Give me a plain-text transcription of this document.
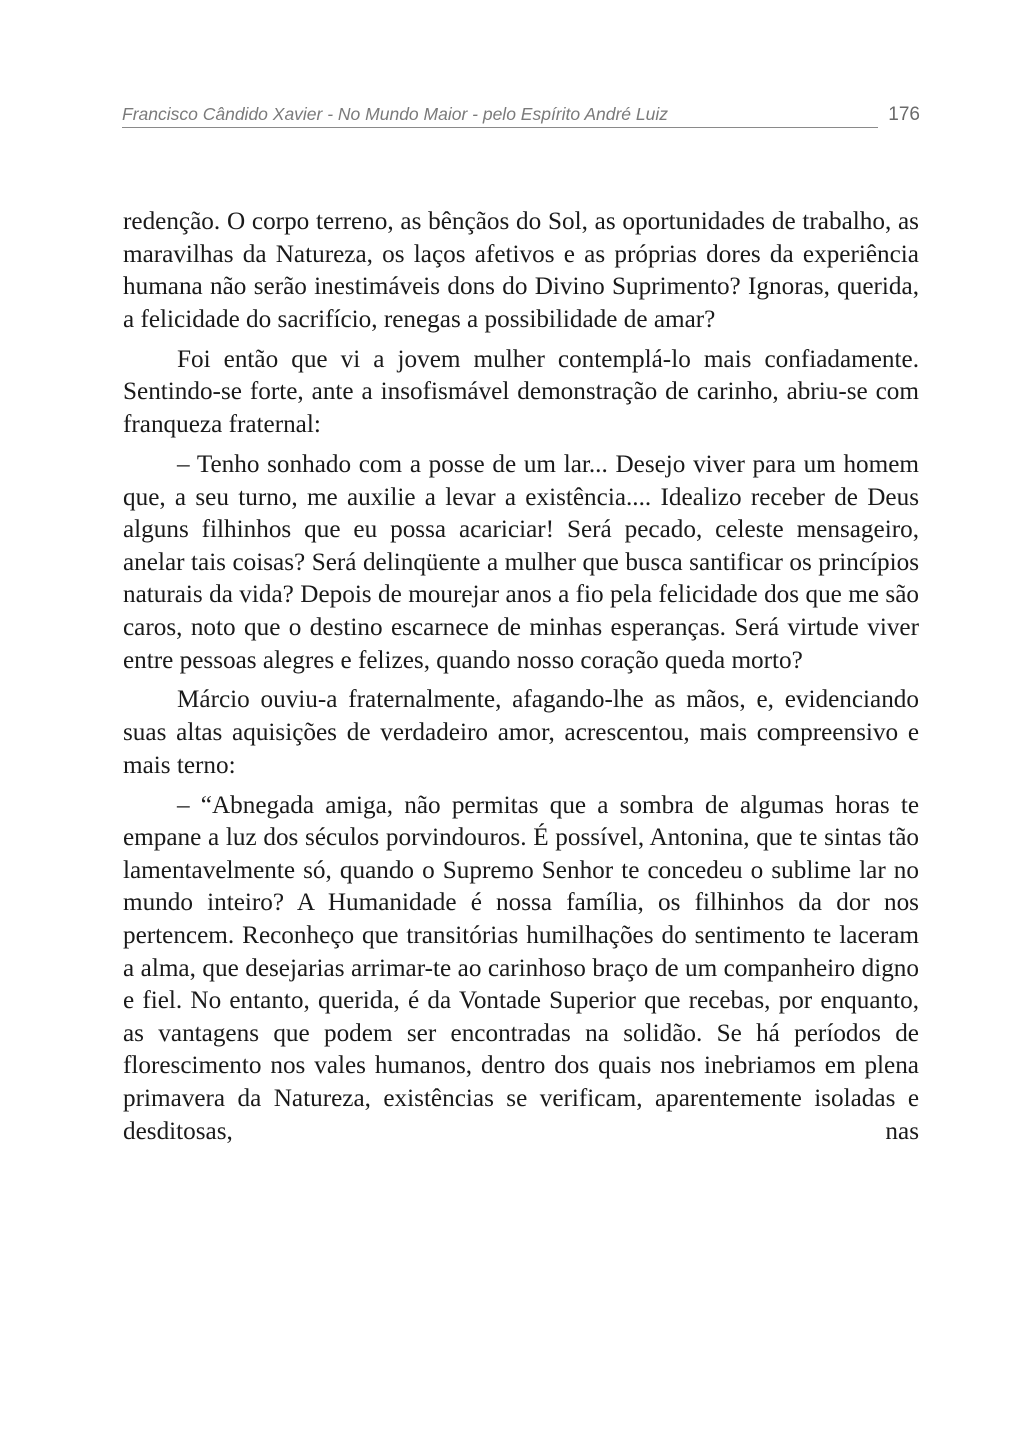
Francisco Cândido Xavier - No Mundo Maior - pelo Espírito André Luiz	176

redenção. O corpo terreno, as bênçãos do Sol, as oportunidades de trabalho, as maravilhas da Natureza, os laços afetivos e as próprias dores da experiência humana não serão inestimáveis dons do Divino Suprimento? Ignoras, querida, a felicidade do sacrifício, renegas a possibilidade de amar?

Foi então que vi a jovem mulher contemplá-lo mais confiadamente. Sentindo-se forte, ante a insofismável demonstração de carinho, abriu-se com franqueza fraternal:

– Tenho sonhado com a posse de um lar... Desejo viver para um homem que, a seu turno, me auxilie a levar a existência.... Idealizo receber de Deus alguns filhinhos que eu possa acariciar! Será pecado, celeste mensageiro, anelar tais coisas? Será delinqüente a mulher que busca santificar os princípios naturais da vida? Depois de mourejar anos a fio pela felicidade dos que me são caros, noto que o destino escarnece de minhas esperanças. Será virtude viver entre pessoas alegres e felizes, quando nosso coração queda morto?

Márcio ouviu-a fraternalmente, afagando-lhe as mãos, e, evidenciando suas altas aquisições de verdadeiro amor, acrescentou, mais compreensivo e mais terno:

– “Abnegada amiga, não permitas que a sombra de algumas horas te empane a luz dos séculos porvindouros. É possível, Antonina, que te sintas tão lamentavelmente só, quando o Supremo Senhor te concedeu o sublime lar no mundo inteiro? A Humanidade é nossa família, os filhinhos da dor nos pertencem. Reconheço que transitórias humilhações do sentimento te laceram a alma, que desejarias arrimar-te ao carinhoso braço de um companheiro digno e fiel. No entanto, querida, é da Vontade Superior que recebas, por enquanto, as vantagens que podem ser encontradas na solidão. Se há períodos de florescimento nos vales humanos, dentro dos quais nos inebriamos em plena primavera da Natureza, existências se verificam, aparentemente isoladas e desditosas, nas
